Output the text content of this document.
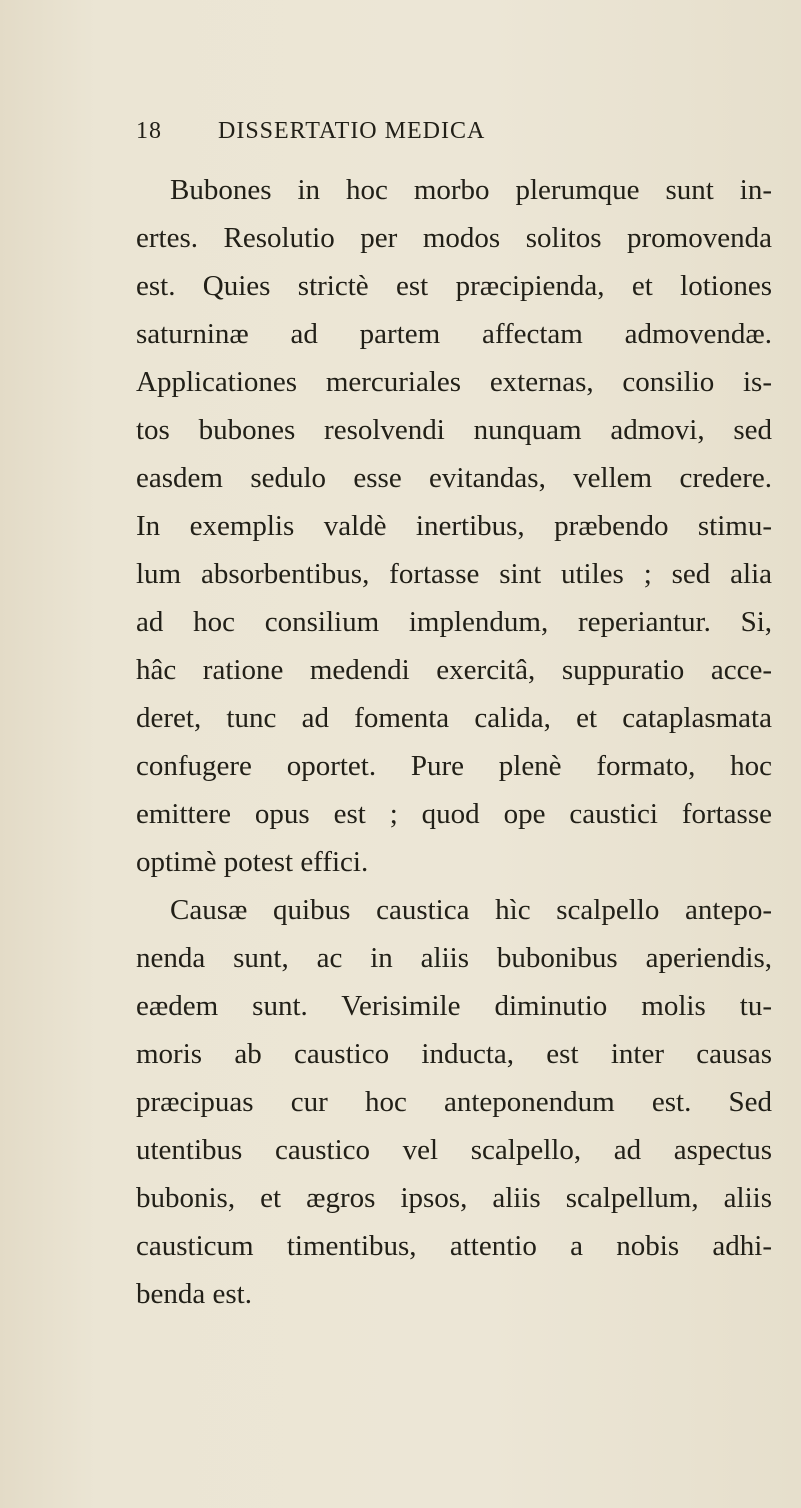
18 DISSERTATIO MEDICA
Bubones in hoc morbo plerumque sunt in-
ertes. Resolutio per modos solitos promovenda
est. Quies strictè est præcipienda, et lotiones
saturninæ ad partem affectam admovendæ.
Applicationes mercuriales externas, consilio is-
tos bubones resolvendi nunquam admovi, sed
easdem sedulo esse evitandas, vellem credere.
In exemplis valdè inertibus, præbendo stimu-
lum absorbentibus, fortasse sint utiles ; sed alia
ad hoc consilium implendum, reperiantur. Si,
hâc ratione medendi exercitâ, suppuratio acce-
deret, tunc ad fomenta calida, et cataplasmata
confugere oportet. Pure plenè formato, hoc
emittere opus est ; quod ope caustici fortasse
optimè potest effici.
Causæ quibus caustica hìc scalpello antepo-
nenda sunt, ac in aliis bubonibus aperiendis,
eædem sunt. Verisimile diminutio molis tu-
moris ab caustico inducta, est inter causas
præcipuas cur hoc anteponendum est. Sed
utentibus caustico vel scalpello, ad aspectus
bubonis, et ægros ipsos, aliis scalpellum, aliis
causticum timentibus, attentio a nobis adhi-
benda est.
